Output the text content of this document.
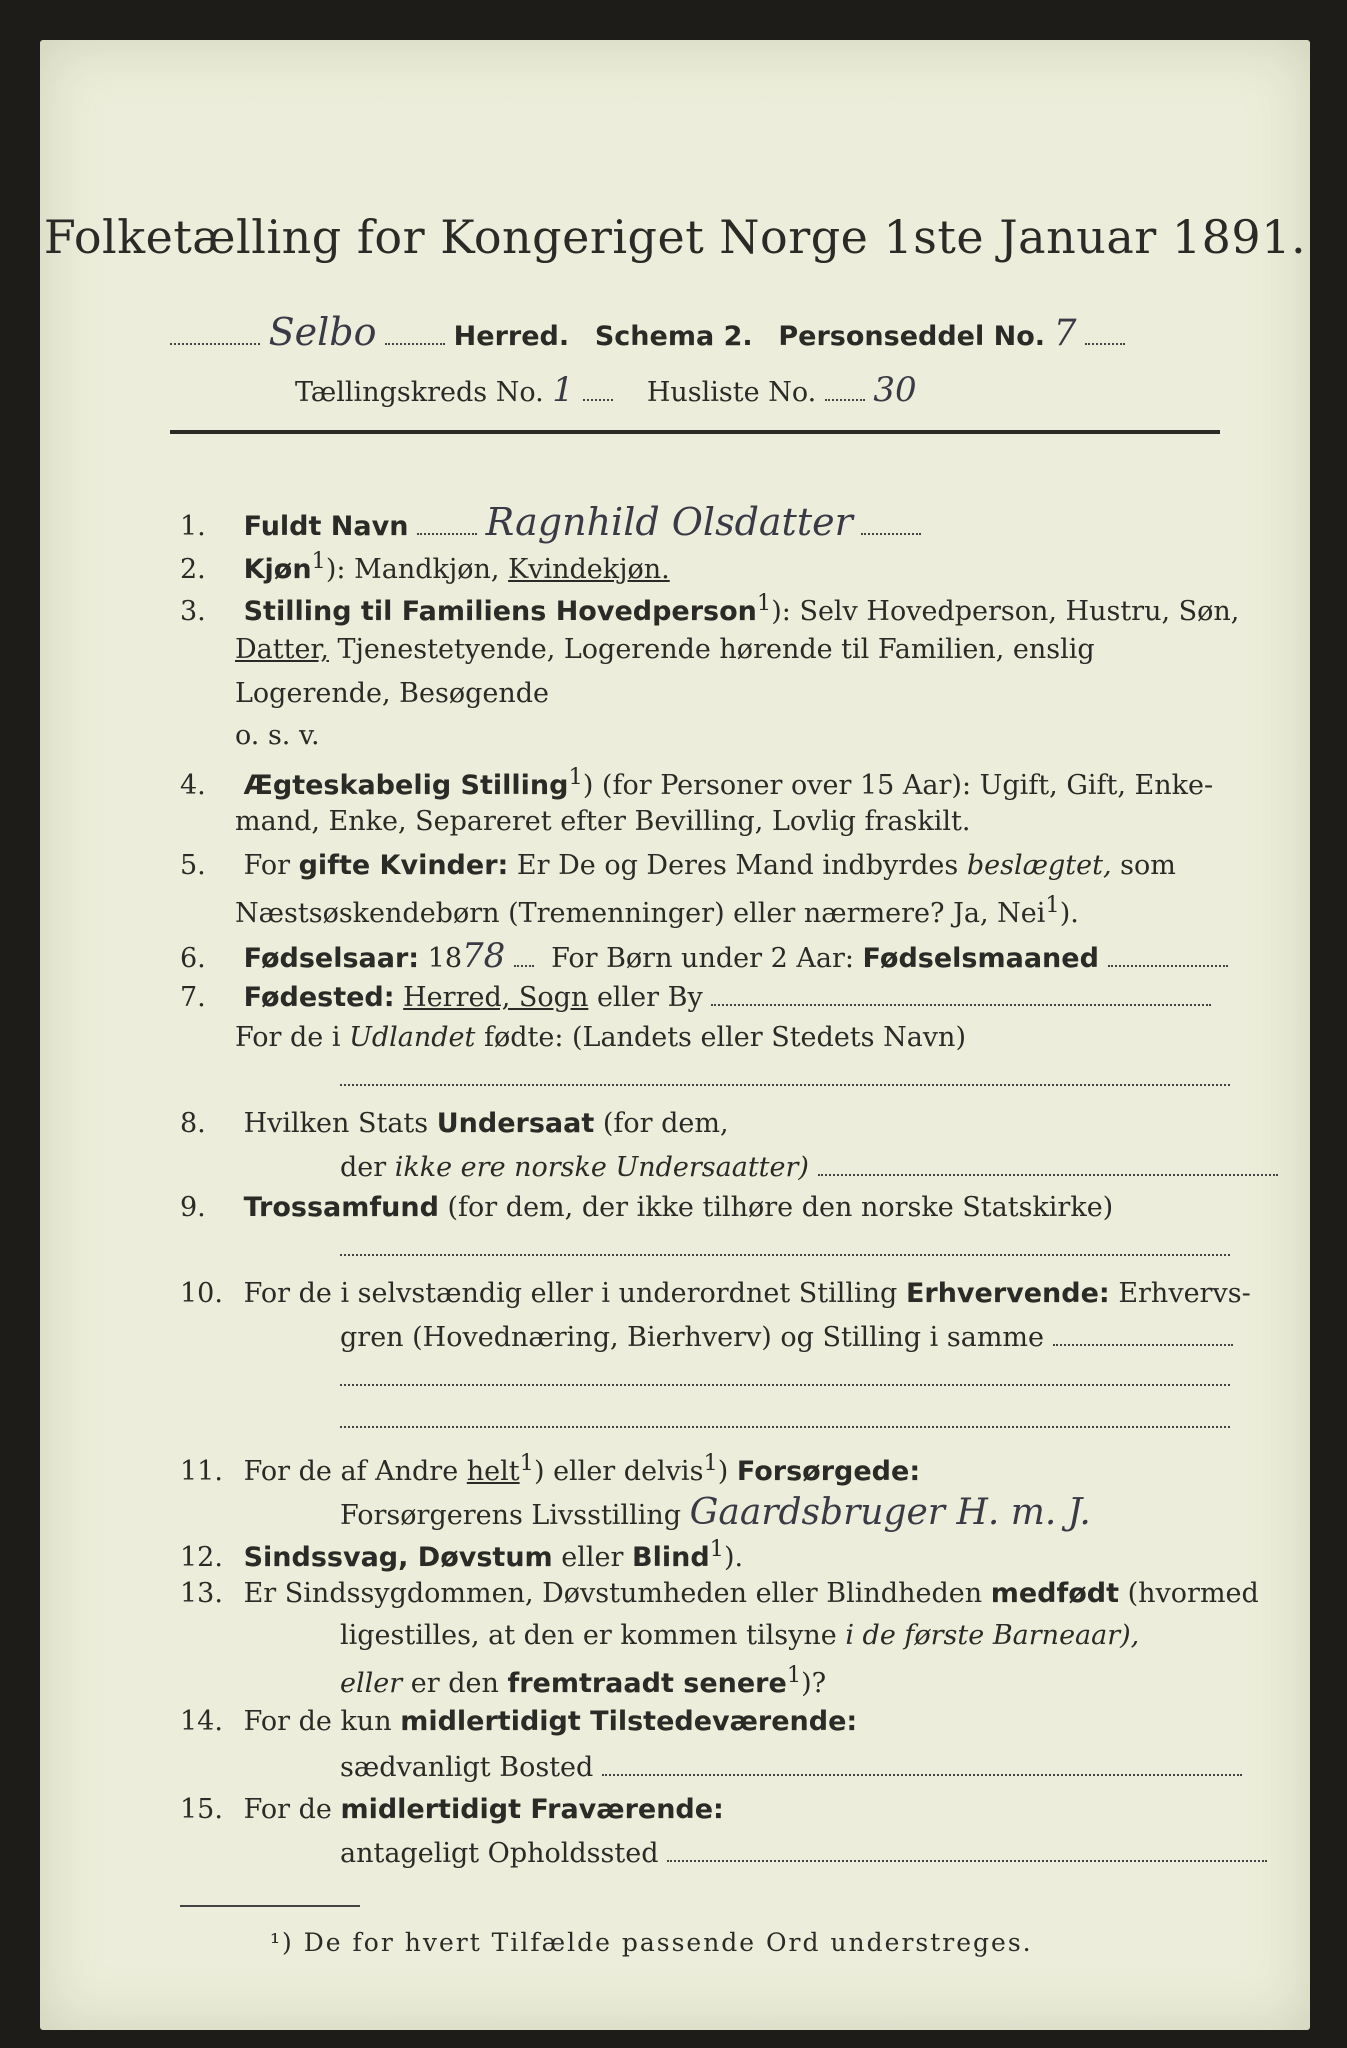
Folketælling for Kongeriget Norge 1ste Januar 1891.
Selbo	Herred. Schema 2. Personseddel No. 7
Tællingskreds No. 1	Husliste No. 30
1. Fuldt Navn Ragnhild Olsdatter
2. Kjøn$^1$): Mandkjøn, Kvindekjøn.
3. Stilling til Familiens Hovedperson$^1$): Selv Hovedperson, Hustru, Søn,
Datter, Tjenestetyende, Logerende hørende til Familien, enslig
Logerende, Besøgende
o. s. v.
4. Ægteskabelig Stilling$^1$) (for Personer over 15 Aar): Ugift, Gift, Enke-
mand, Enke, Separeret efter Bevilling, Lovlig fraskilt.
5. For gifte Kvinder: Er De og Deres Mand indbyrdes beslægtet, som
Næstsøskendebørn (Tremenninger) eller nærmere? Ja, Nei$^1$).
6. Fødselsaar: 1878 For Børn under 2 Aar: Fødselsmaaned
7. Fødested: Herred, Sogn eller By
For de i Udlandet fødte: (Landets eller Stedets Navn)
8. Hvilken Stats Undersaat (for dem,
der ikke ere norske Undersaatter)
9. Trossamfund (for dem, der ikke tilhøre den norske Statskirke)
10. For de i selvstændig eller i underordnet Stilling Erhvervende: Erhvervs-
gren (Hovednæring, Bierhverv) og Stilling i samme
11. For de af Andre helt$^1$) eller delvis$^1$) Forsørgede:
Forsørgerens Livsstilling Gaardsbruger H. m. J.
12. Sindssvag, Døvstum eller Blind$^1$).
13. Er Sindssygdommen, Døvstumheden eller Blindheden medfødt (hvormed
ligestilles, at den er kommen tilsyne i de første Barneaar),
eller er den fremtraadt senere$^1$)?
14. For de kun midlertidigt Tilstedeværende:
sædvanligt Bosted
15. For de midlertidigt Fraværende:
antageligt Opholdssted
¹) De for hvert Tilfælde passende Ord understreges.
